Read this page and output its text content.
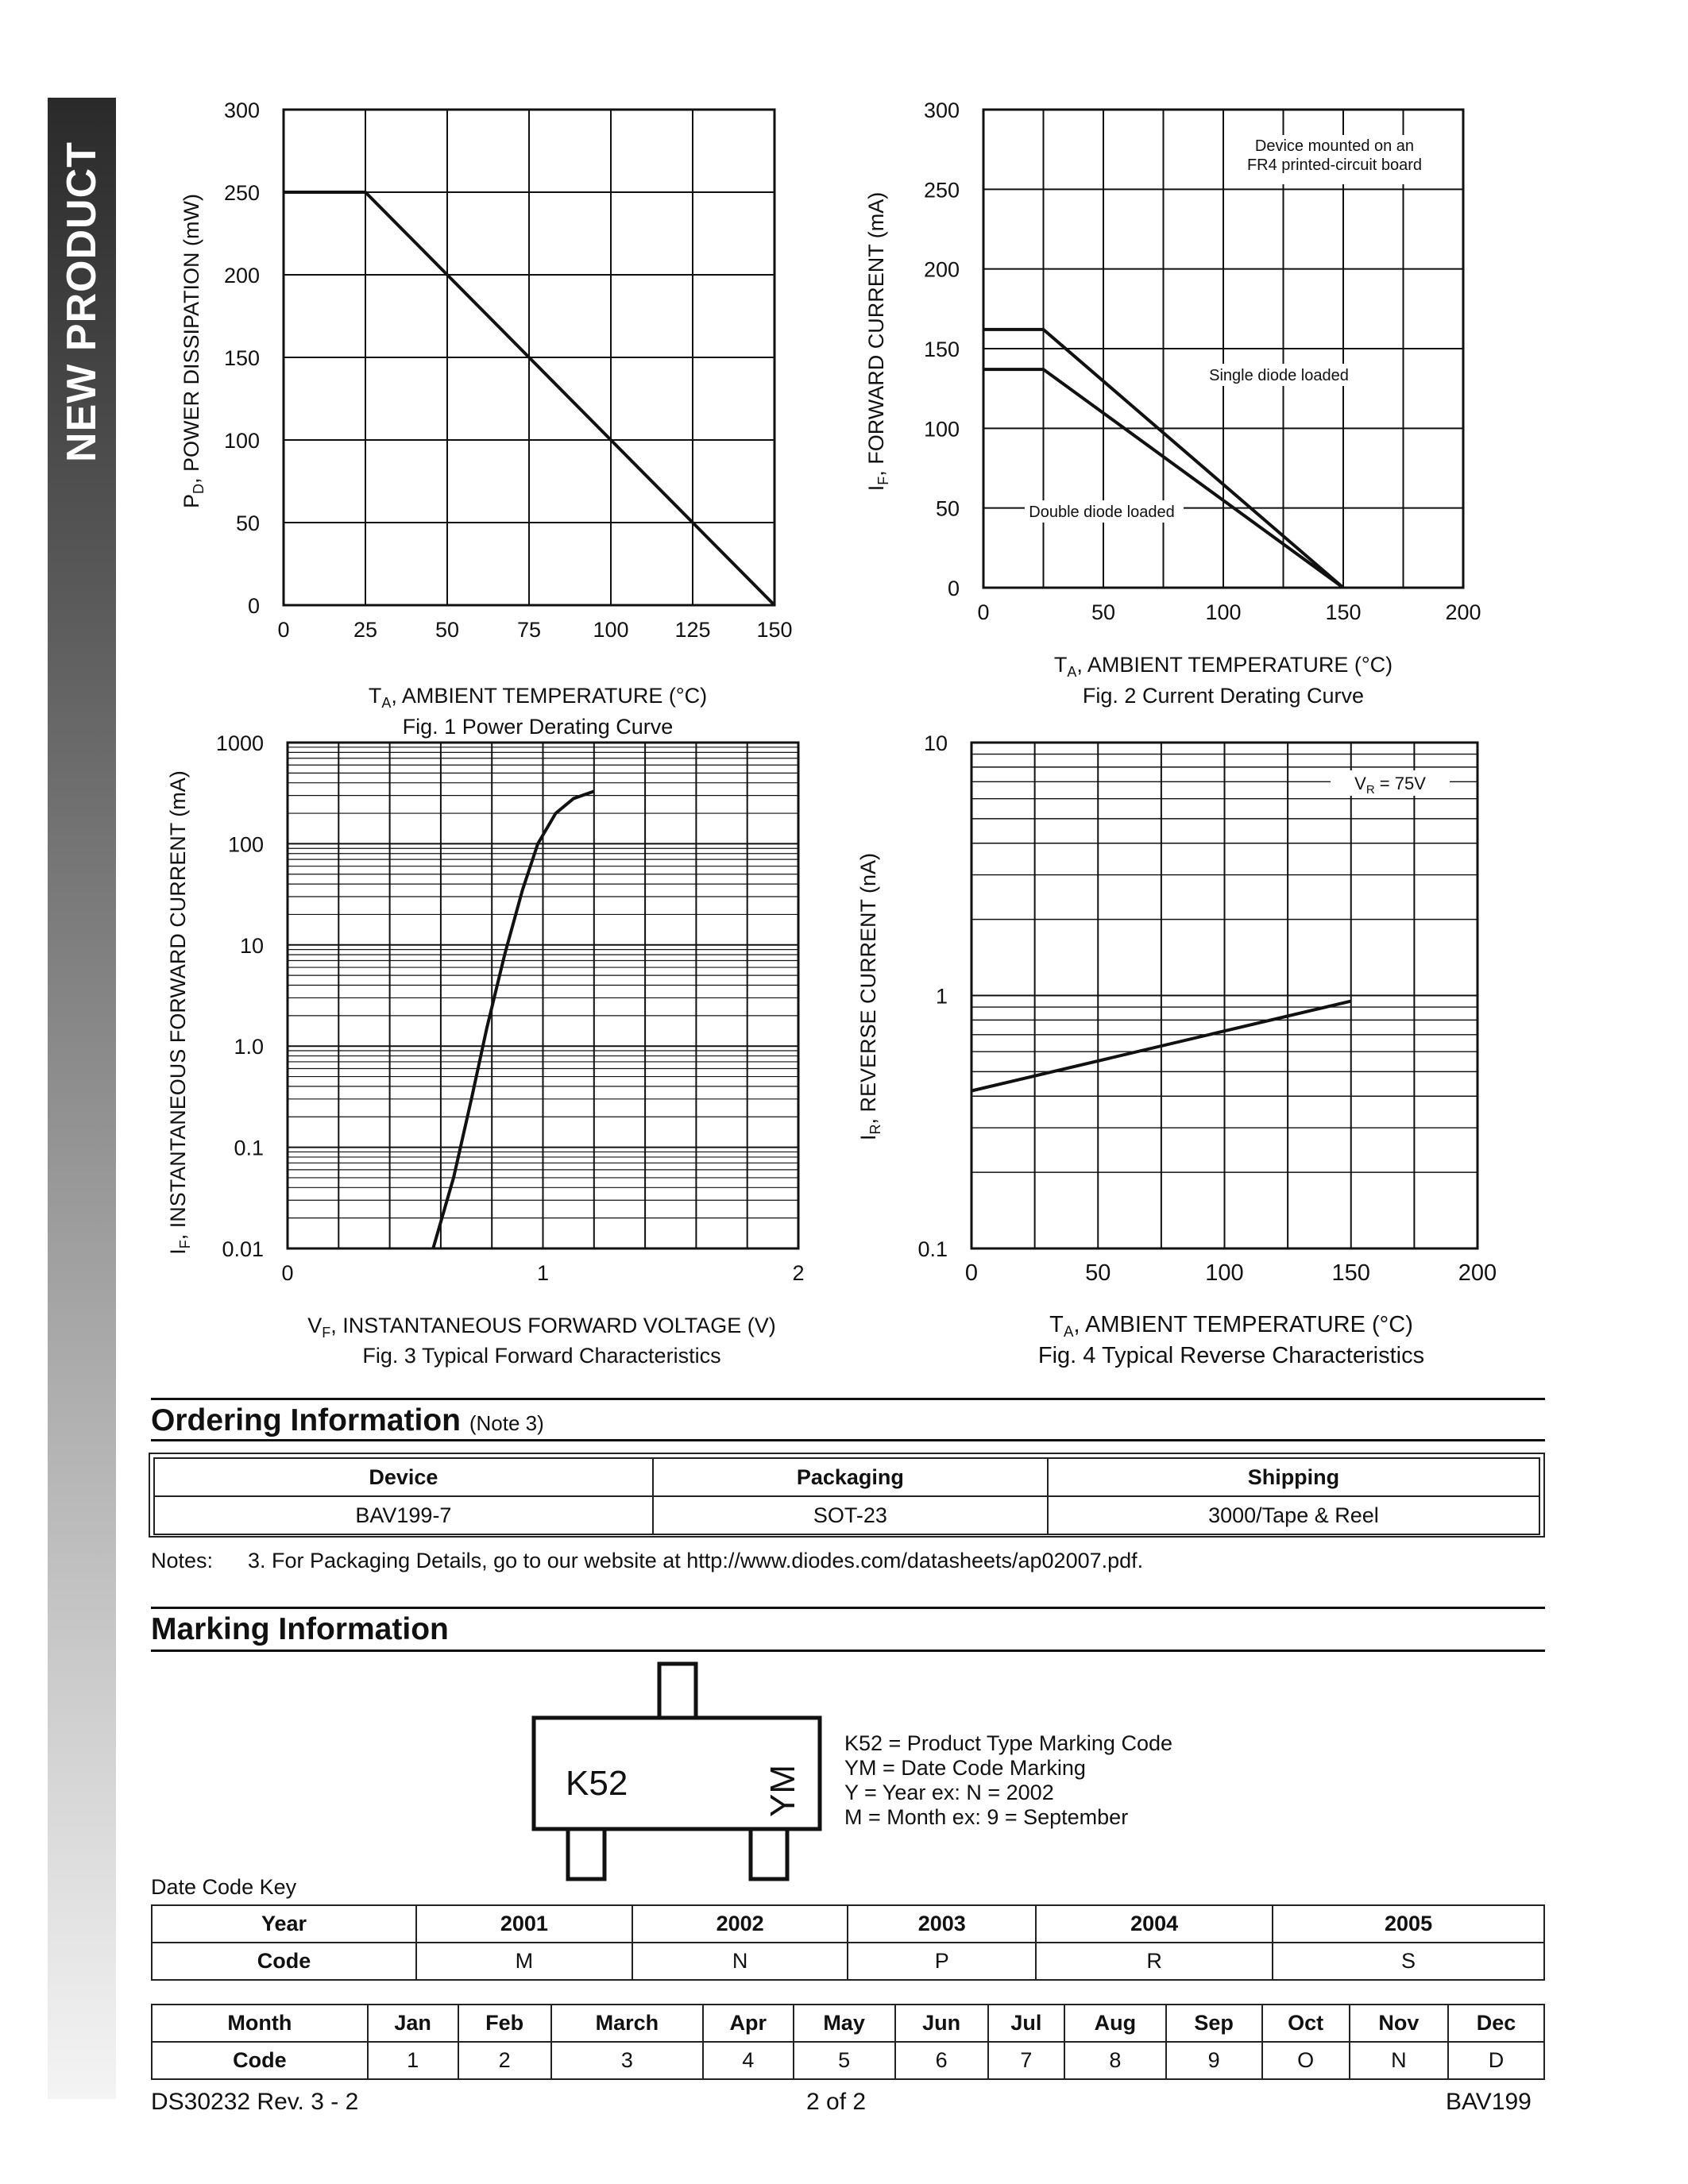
NEW PRODUCT
0	25	50	75 100 125 150
0
50
100
150
200
250
300
$P_D$, POWER DISSIPATION (mW)
$T_A$, AMBIENT TEMPERATURE (°C)
Fig. 1 Power Derating Curve
0	50	100	150	200
0
50
100
150
200
250
300
Device mounted on an
FR4 printed-circuit board
Single diode loaded
Double diode loaded
$I_F$, FORWARD CURRENT (mA)
$T_A$, AMBIENT TEMPERATURE (°C)
Fig. 2 Current Derating Curve
0	1	2
0.01
0.1
1.0
10
100
1000
$I_F$, INSTANTANEOUS FORWARD CURRENT (mA)
$V_F$, INSTANTANEOUS FORWARD VOLTAGE (V)
Fig. 3 Typical Forward Characteristics
0	50	100	150	200
0.1
1
10
$V_R = 75V$
$I_R$, REVERSE CURRENT (nA)
$T_A$, AMBIENT TEMPERATURE (°C)
Fig. 4 Typical Reverse Characteristics
Ordering Information (Note 3)
Device	Packaging	Shipping
BAV199-7	SOT-23	3000/Tape & Reel
Notes: 3. For Packaging Details, go to our website at http://www.diodes.com/datasheets/ap02007.pdf.
Marking Information
K52	YM
K52 = Product Type Marking Code
YM = Date Code Marking
Y = Year ex: N = 2002
M = Month ex: 9 = September
Date Code Key
Year	2001	2002	2003	2004	2005
Code	M	N	P	R	S
Month	Jan	Feb	March	Apr	May	Jun	Jul	Aug	Sep	Oct	Nov	Dec
Code	1	2	3	4	5	6	7	8	9	O	N	D
DS30232 Rev. 3 - 2	2 of 2	BAV199
